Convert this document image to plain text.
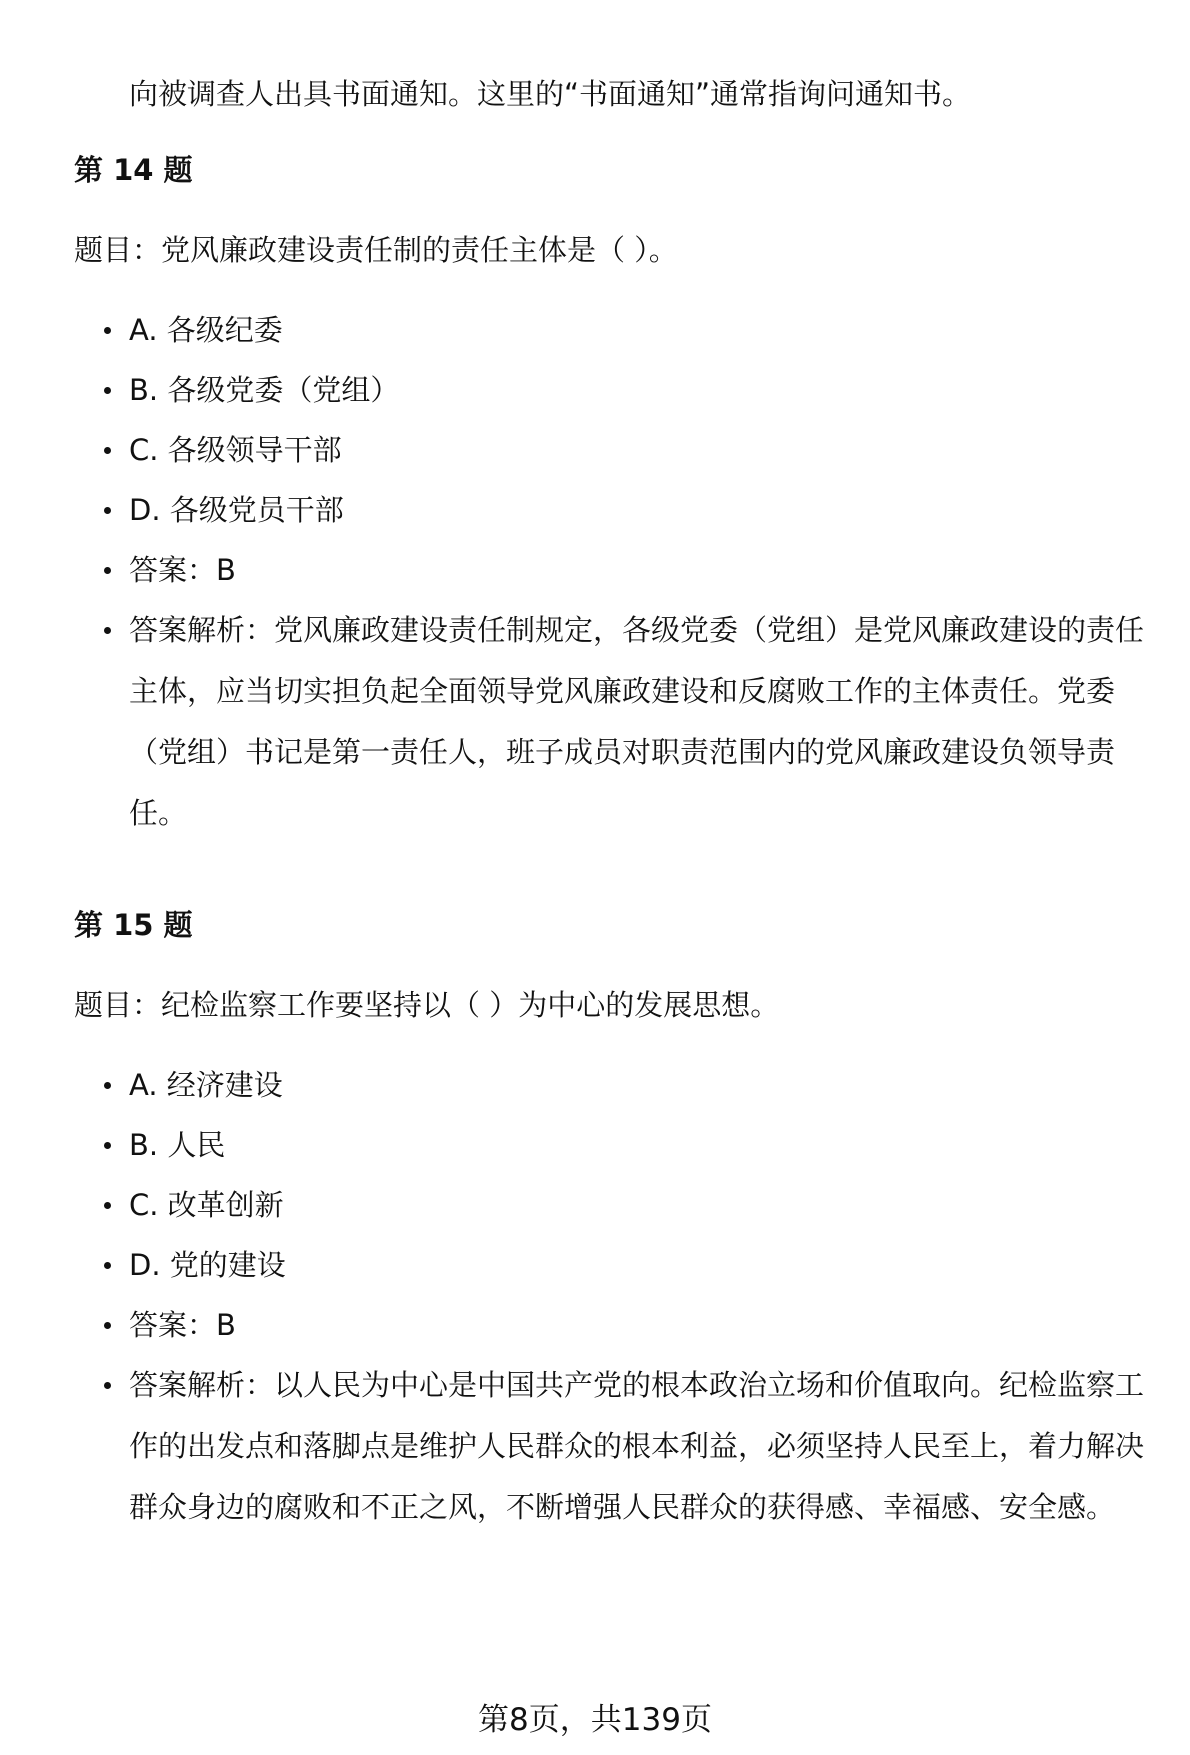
向被调查人出具书面通知。这里的“书面通知”通常指询问通知书。

第 14 题

题目：党风廉政建设责任制的责任主体是（ ）。

A. 各级纪委
B. 各级党委（党组）
C. 各级领导干部
D. 各级党员干部
答案：B
答案解析：党风廉政建设责任制规定，各级党委（党组）是党风廉政建设的责任主体，应当切实担负起全面领导党风廉政建设和反腐败工作的主体责任。党委（党组）书记是第一责任人，班子成员对职责范围内的党风廉政建设负领导责任。
第 15 题

题目：纪检监察工作要坚持以（ ）为中心的发展思想。

A. 经济建设
B. 人民
C. 改革创新
D. 党的建设
答案：B
答案解析：以人民为中心是中国共产党的根本政治立场和价值取向。纪检监察工作的出发点和落脚点是维护人民群众的根本利益，必须坚持人民至上，着力解决群众身边的腐败和不正之风，不断增强人民群众的获得感、幸福感、安全感。
第8页，共139页
